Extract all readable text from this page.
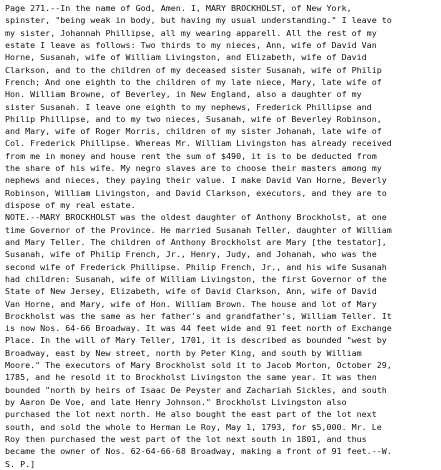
Page 271.--In the name of God, Amen. I, MARY BROCKHOLST, of New York,
spinster, "being weak in body, but having my usual understanding." I leave to
my sister, Johannah Phillipse, all my wearing apparell. All the rest of my
estate I leave as follows: Two thirds to my nieces, Ann, wife of David Van
Horne, Susanah, wife of William Livingston, and Elizabeth, wife of David
Clarkson, and to the children of my deceased sister Susanah, wife of Philip
French; And one eighth to the children of my late niece, Mary, late wife of
Hon. William Browne, of Beverley, in New England, also a daughter of my
sister Susanah. I leave one eighth to my nephews, Frederick Phillipse and
Philip Phillipse, and to my two nieces, Susanah, wife of Beverley Robinson,
and Mary, wife of Roger Morris, children of my sister Johanah, late wife of
Col. Frederick Phillipse. Whereas Mr. William Livingston has already received
from me in money and house rent the sum of $490, it is to be deducted from
the share of his wife. My negro slaves are to choose their masters among my
nephews and nieces, they paying their value. I make David Van Horne, Beverly
Robinson, William Livingston, and David Clarkson, executors, and they are to
dispose of my real estate.
NOTE.--MARY BROCKHOLST was the oldest daughter of Anthony Brockholst, at one
time Governor of the Province. He married Susanah Teller, daughter of William
and Mary Teller. The children of Anthony Brockholst are Mary [the testator],
Susanah, wife of Philip French, Jr., Henry, Judy, and Johanah, who was the
second wife of Frederick Phillipse. Philip French, Jr., and his wife Susanah
had children: Susanah, wife of William Livingston, the first Governor of the
State of New Jersey, Elizabeth, wife of David Clarkson, Ann, wife of David
Van Horne, and Mary, wife of Hon. William Brown. The house and lot of Mary
Brockholst was the same as her father's and grandfather's, William Teller. It
is now Nos. 64-66 Broadway. It was 44 feet wide and 91 feet north of Exchange
Place. In the will of Mary Teller, 1701, it is described as bounded "west by
Broadway, east by New street, north by Peter King, and south by William
Moore." The executors of Mary Brockholst sold it to Jacob Morton, October 29,
1785, and he resold it to Brockholst Livingston the same year. It was then
bounded "north by heirs of Isaac De Peyster and Zachariah Sickles, and south
by Aaron De Voe, and late Henry Johnson." Brockholst Livingston also
purchased the lot next north. He also bought the east part of the lot next
south, and sold the whole to Herman Le Roy, May 1, 1793, for $5,000. Mr. Le
Roy then purchased the west part of the lot next south in 1801, and thus
became the owner of Nos. 62-64-66-68 Broadway, making a front of 91 feet.--W.
S. P.]
